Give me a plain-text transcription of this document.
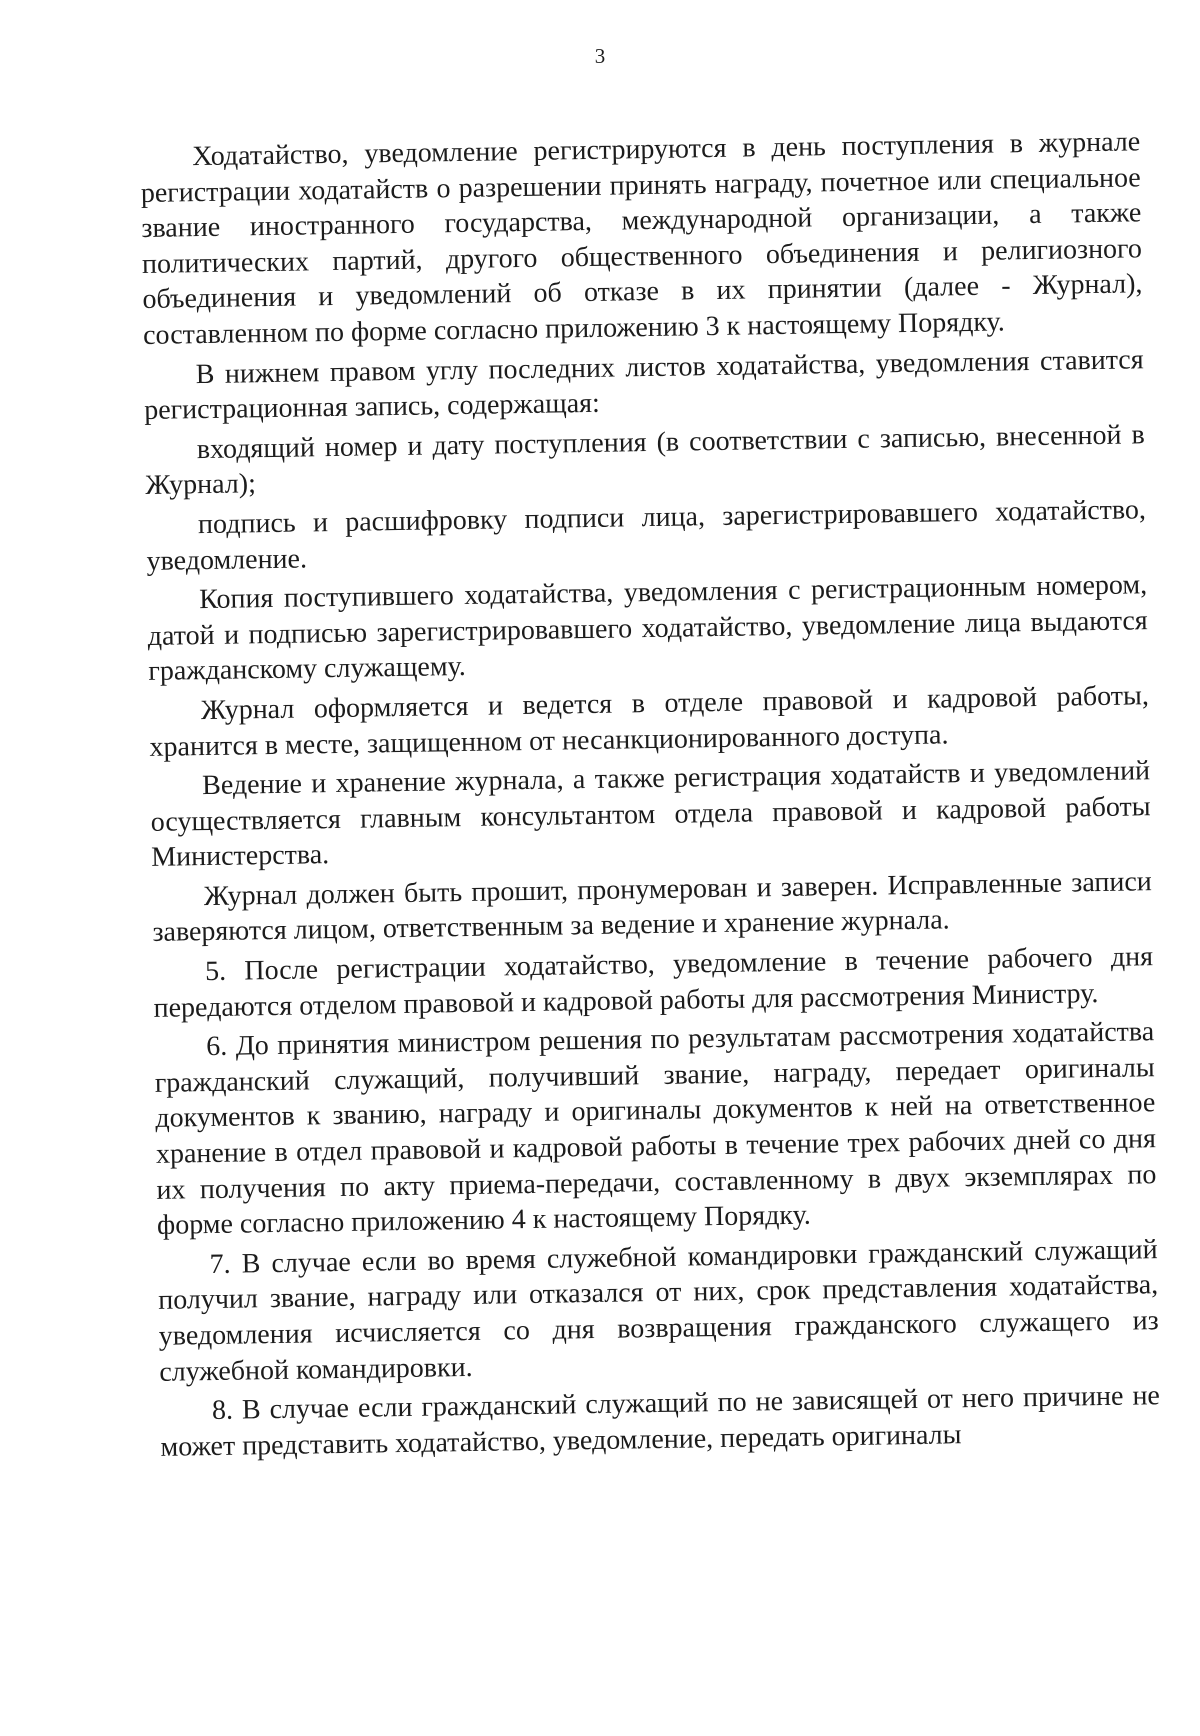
3

Ходатайство, уведомление регистрируются в день поступления в журнале регистрации ходатайств о разрешении принять награду, почетное или специальное звание иностранного государства, международной организации, а также политических партий, другого общественного объединения и религиозного объединения и уведомлений об отказе в их принятии (далее - Журнал), составленном по форме согласно приложению 3 к настоящему Порядку.

В нижнем правом углу последних листов ходатайства, уведомления ставится регистрационная запись, содержащая:

входящий номер и дату поступления (в соответствии с записью, внесенной в Журнал);

подпись и расшифровку подписи лица, зарегистрировавшего ходатайство, уведомление.

Копия поступившего ходатайства, уведомления с регистрационным номером, датой и подписью зарегистрировавшего ходатайство, уведомление лица выдаются гражданскому служащему.

Журнал оформляется и ведется в отделе правовой и кадровой работы, хранится в месте, защищенном от несанкционированного доступа.

Ведение и хранение журнала, а также регистрация ходатайств и уведомлений осуществляется главным консультантом отдела правовой и кадровой работы Министерства.

Журнал должен быть прошит, пронумерован и заверен. Исправленные записи заверяются лицом, ответственным за ведение и хранение журнала.

5. После регистрации ходатайство, уведомление в течение рабочего дня передаются отделом правовой и кадровой работы для рассмотрения Министру.

6. До принятия министром решения по результатам рассмотрения ходатайства гражданский служащий, получивший звание, награду, передает оригиналы документов к званию, награду и оригиналы документов к ней на ответственное хранение в отдел правовой и кадровой работы в течение трех рабочих дней со дня их получения по акту приема-передачи, составленному в двух экземплярах по форме согласно приложению 4 к настоящему Порядку.

7. В случае если во время служебной командировки гражданский служащий получил звание, награду или отказался от них, срок представления ходатайства, уведомления исчисляется со дня возвращения гражданского служащего из служебной командировки.

8. В случае если гражданский служащий по не зависящей от него причине не может представить ходатайство, уведомление, передать оригиналы
